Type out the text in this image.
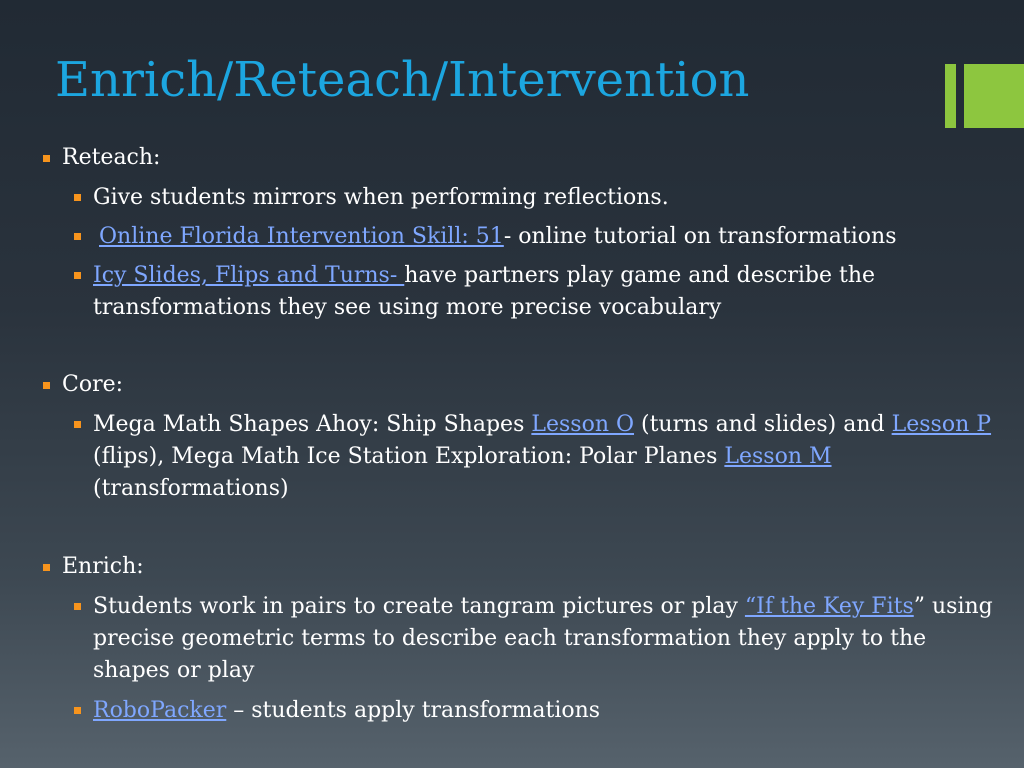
Enrich/Reteach/Intervention
Reteach:
Give students mirrors when performing reflections.
Online Florida Intervention Skill: 51- online tutorial on transformations
Icy Slides, Flips and Turns- have partners play game and describe the transformations they see using more precise vocabulary
Core:
Mega Math Shapes Ahoy: Ship Shapes Lesson O (turns and slides) and Lesson P (flips), Mega Math Ice Station Exploration: Polar Planes Lesson M (transformations)
Enrich:
Students work in pairs to create tangram pictures or play “If the Key Fits” using precise geometric terms to describe each transformation they apply to the shapes or play
RoboPacker – students apply transformations
